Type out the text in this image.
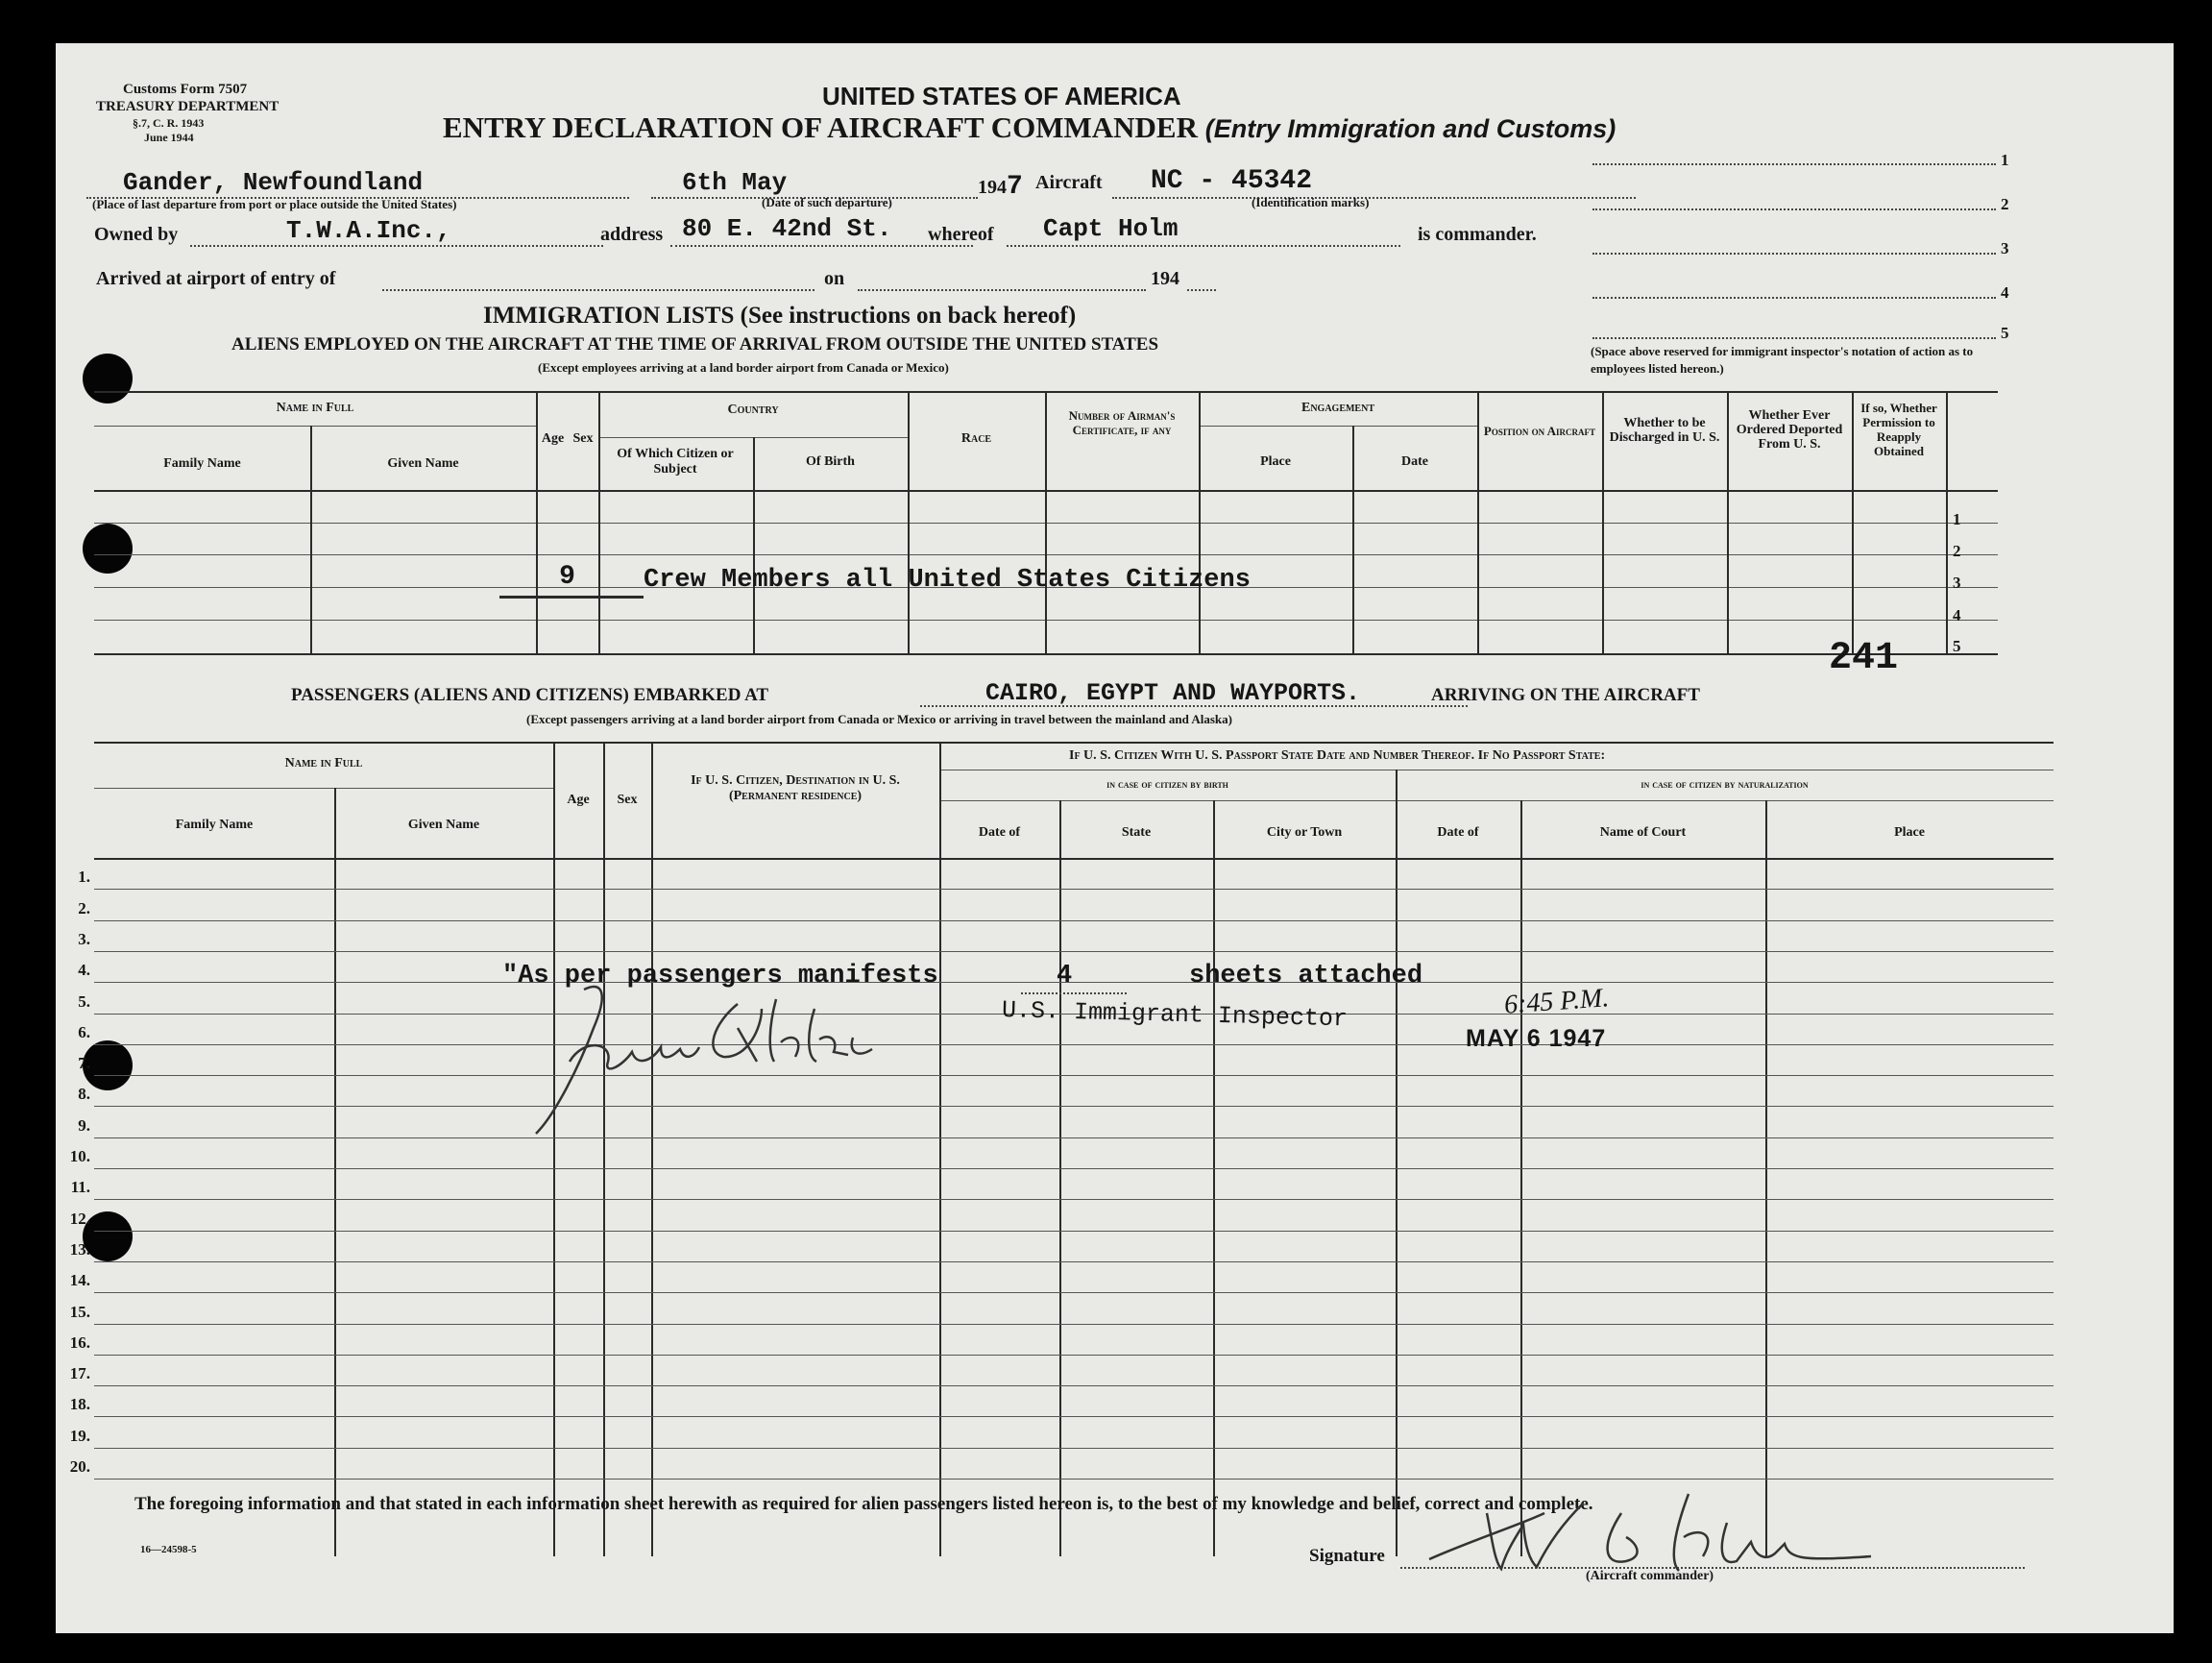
Customs Form 7507
TREASURY DEPARTMENT
§.7, C. R. 1943
June 1944
UNITED STATES OF AMERICA
ENTRY DECLARATION OF AIRCRAFT COMMANDER (Entry Immigration and Customs)
Gander, Newfoundland
(Place of last departure from port or place outside the United States)
6th May
(Date of such departure)
1947 Aircraft NC - 45342
(Identification marks)
Owned by	T.W.A.Inc.,	address 80 E. 42nd St. whereof Capt Holm	is commander.
Arrived at airport of entry of	on	194
1
2
3
4
5
(Space above reserved for immigrant inspector's notation of action as to employees listed hereon.)
IMMIGRATION LISTS (See instructions on back hereof)
ALIENS EMPLOYED ON THE AIRCRAFT AT THE TIME OF ARRIVAL FROM OUTSIDE THE UNITED STATES
(Except employees arriving at a land border airport from Canada or Mexico)
Name in Full
Family Name	Given Name
Age Sex
Country
Of Which Citizen or Subject
Of Birth
Race
Number of Airman's Certificate, if any
Engagement
Place	Date
Position on Aircraft
Whether to be Discharged in U. S.
Whether Ever Ordered Deported From U. S.
If so, Whether Permission to Reapply Obtained
1
2
3
4
5
9	Crew Members all United States Citizens
241
PASSENGERS (ALIENS AND CITIZENS) EMBARKED AT	CAIRO, EGYPT AND WAYPORTS.	ARRIVING ON THE AIRCRAFT
(Except passengers arriving at a land border airport from Canada or Mexico or arriving in travel between the mainland and Alaska)
Name in Full
Family Name	Given Name
Age	Sex
If U. S. Citizen, Destination in U. S. (Permanent residence)
If U. S. Citizen With U. S. Passport State Date and Number Thereof. If No Passport State:
in case of citizen by birth	in case of citizen by naturalization
Date of	State	City or Town	Date of	Name of Court	Place
1.
2.
3.
4.
5.
6.
7.
8.
9.
10.
11.
12.
13.
14.
15.
16.
17.
18.
19.
20.
"As per passengers manifests	4	sheets attached
U.S. Immigrant Inspector	6:45 P.M.
MAY 6 1947
The foregoing information and that stated in each information sheet herewith as required for alien passengers listed hereon is, to the best of my knowledge and belief, correct and complete.
16—24598-5	Signature
(Aircraft commander)
